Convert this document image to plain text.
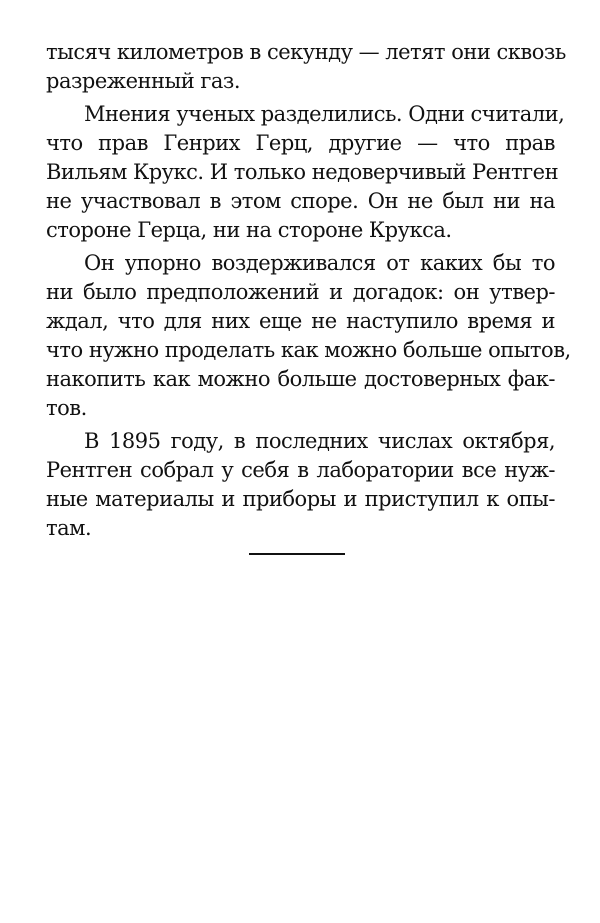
тысяч километров в секунду — летят они сквозь
разреженный газ.
Мнения ученых разделились. Одни считали,
что прав Генрих Герц, другие — что прав
Вильям Крукс. И только недоверчивый Рентген
не участвовал в этом споре. Он не был ни на
стороне Герца, ни на стороне Крукса.
Он упорно воздерживался от каких бы то
ни было предположений и догадок: он утвер-
ждал, что для них еще не наступило время и
что нужно проделать как можно больше опытов,
накопить как можно больше достоверных фак-
тов.
В 1895 году, в последних числах октября,
Рентген собрал у себя в лаборатории все нуж-
ные материалы и приборы и приступил к опы-
там.
